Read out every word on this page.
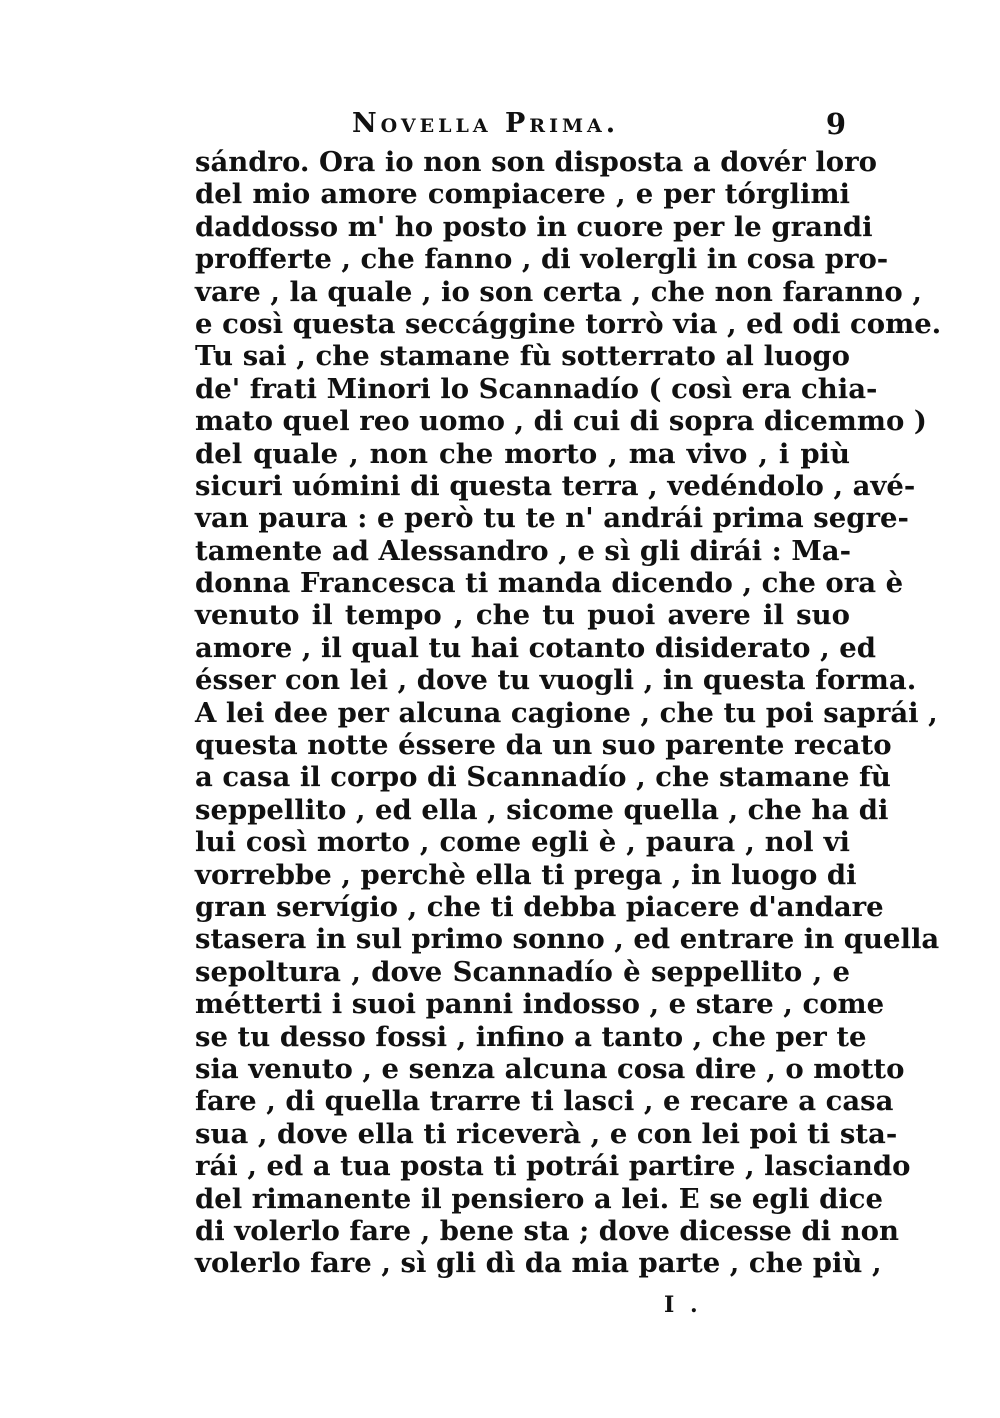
Novella Prima.	9
sándro. Ora io non son disposta a dovér loro
del mio amore compiacere , e per tórglimi
daddosso m' ho posto in cuore per le grandi
profferte , che fanno , di volergli in cosa pro-
vare , la quale , io son certa , che non faranno ,
e così questa seccággine torrò via , ed odi come.
Tu sai , che stamane fù sotterrato al luogo
de' frati Minori lo Scannadío ( così era chia-
mato quel reo uomo , di cui di sopra dicemmo )
del quale , non che morto , ma vivo , i più
sicuri uómini di questa terra , vedéndolo , avé-
van paura : e però tu te n' andrái prima segre-
tamente ad Alessandro , e sì gli dirái : Ma-
donna Francesca ti manda dicendo , che ora è
venuto il tempo , che tu puoi avere il suo
amore , il qual tu hai cotanto disiderato , ed
ésser con lei , dove tu vuogli , in questa forma.
A lei dee per alcuna cagione , che tu poi saprái ,
questa notte éssere da un suo parente recato
a casa il corpo di Scannadío , che stamane fù
seppellito , ed ella , sicome quella , che ha di
lui così morto , come egli è , paura , nol vi
vorrebbe , perchè ella ti prega , in luogo di
gran servígio , che ti debba piacere d'andare
stasera in sul primo sonno , ed entrare in quella
sepoltura , dove Scannadío è seppellito , e
métterti i suoi panni indosso , e stare , come
se tu desso fossi , infino a tanto , che per te
sia venuto , e senza alcuna cosa dire , o motto
fare , di quella trarre ti lasci , e recare a casa
sua , dove ella ti riceverà , e con lei poi ti sta-
rái , ed a tua posta ti potrái partire , lasciando
del rimanente il pensiero a lei. E se egli dice
di volerlo fare , bene sta ; dove dicesse di non
volerlo fare , sì gli dì da mia parte , che più ,
I .
